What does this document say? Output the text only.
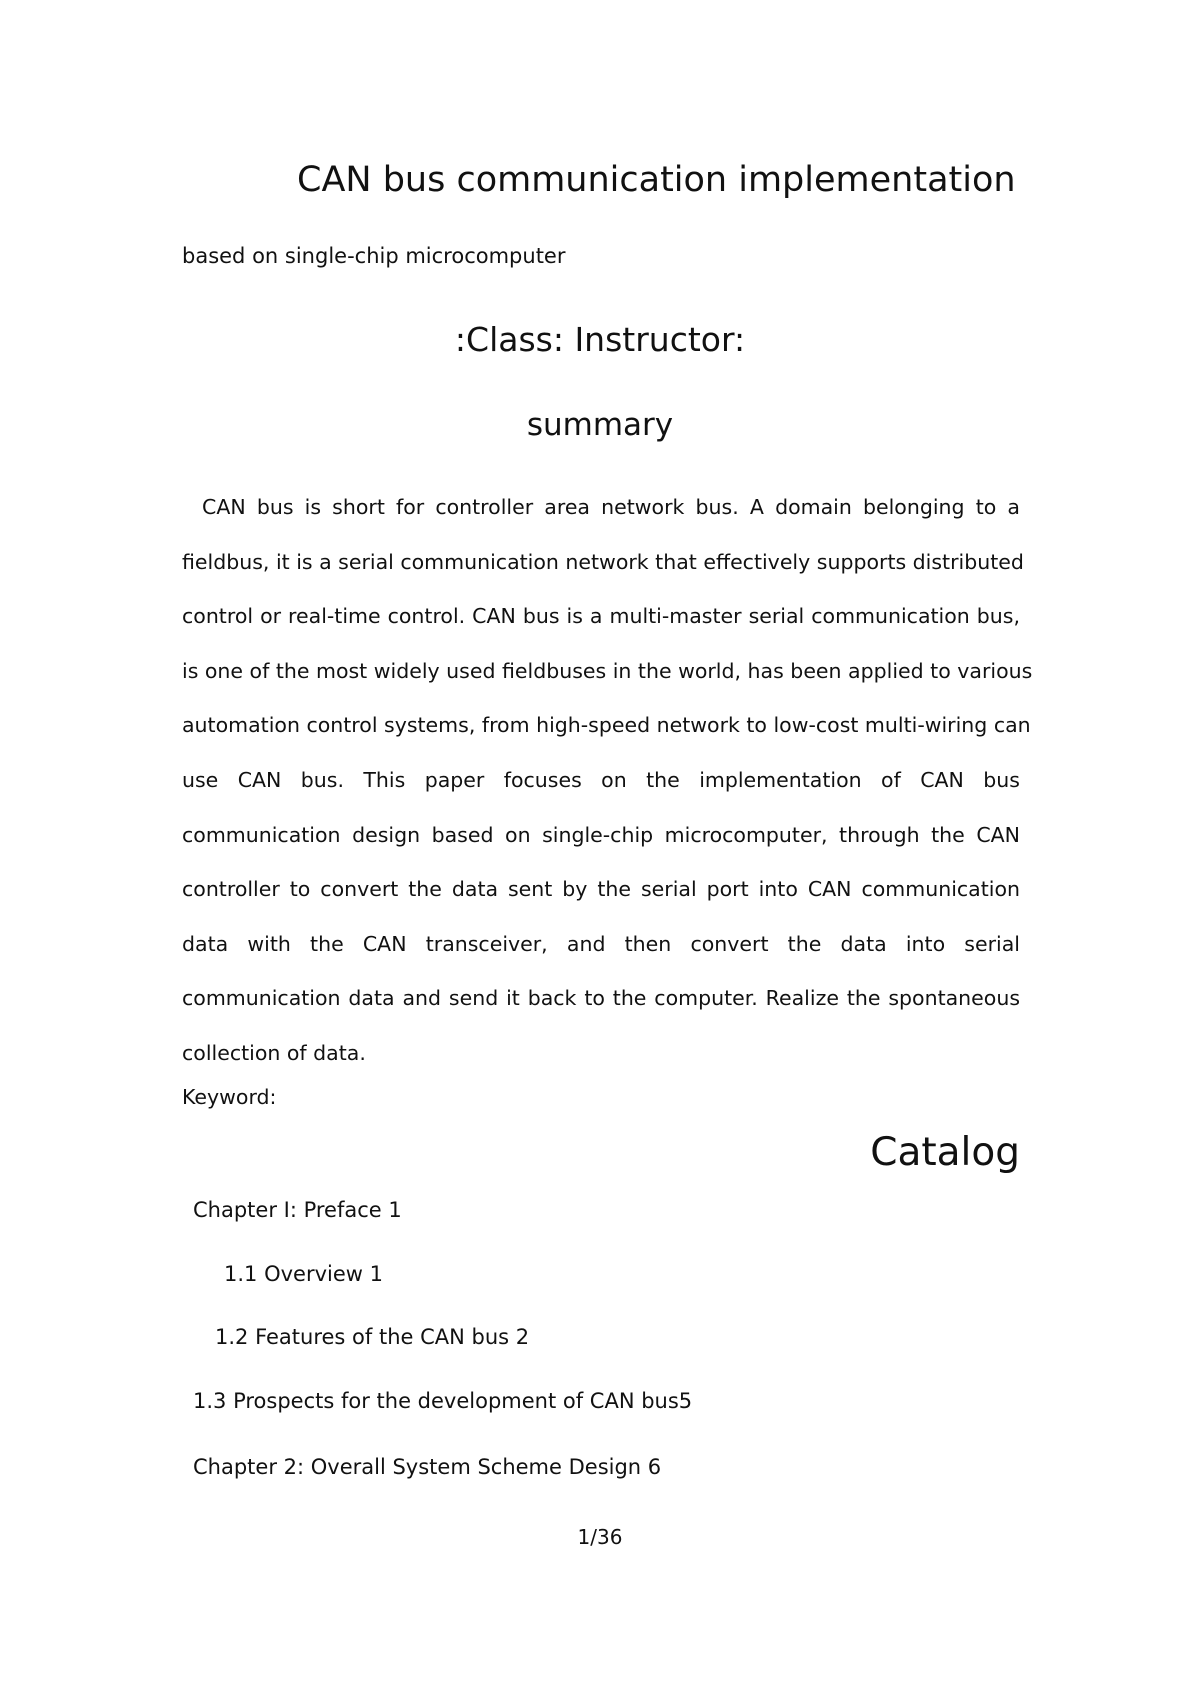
CAN bus communication implementation
based on single-chip microcomputer
:Class: Instructor:
summary
CAN bus is short for controller area network bus. A domain belonging to a
fieldbus, it is a serial communication network that effectively supports distributed
control or real-time control. CAN bus is a multi-master serial communication bus,
is one of the most widely used fieldbuses in the world, has been applied to various
automation control systems, from high-speed network to low-cost multi-wiring can
use CAN bus. This paper focuses on the implementation of CAN bus
communication design based on single-chip microcomputer, through the CAN
controller to convert the data sent by the serial port into CAN communication
data with the CAN transceiver, and then convert the data into serial
communication data and send it back to the computer. Realize the spontaneous
collection of data.
Keyword:
Catalog
Chapter I: Preface 1
1.1 Overview 1
1.2 Features of the CAN bus 2
1.3 Prospects for the development of CAN bus5
Chapter 2: Overall System Scheme Design 6
1/36
